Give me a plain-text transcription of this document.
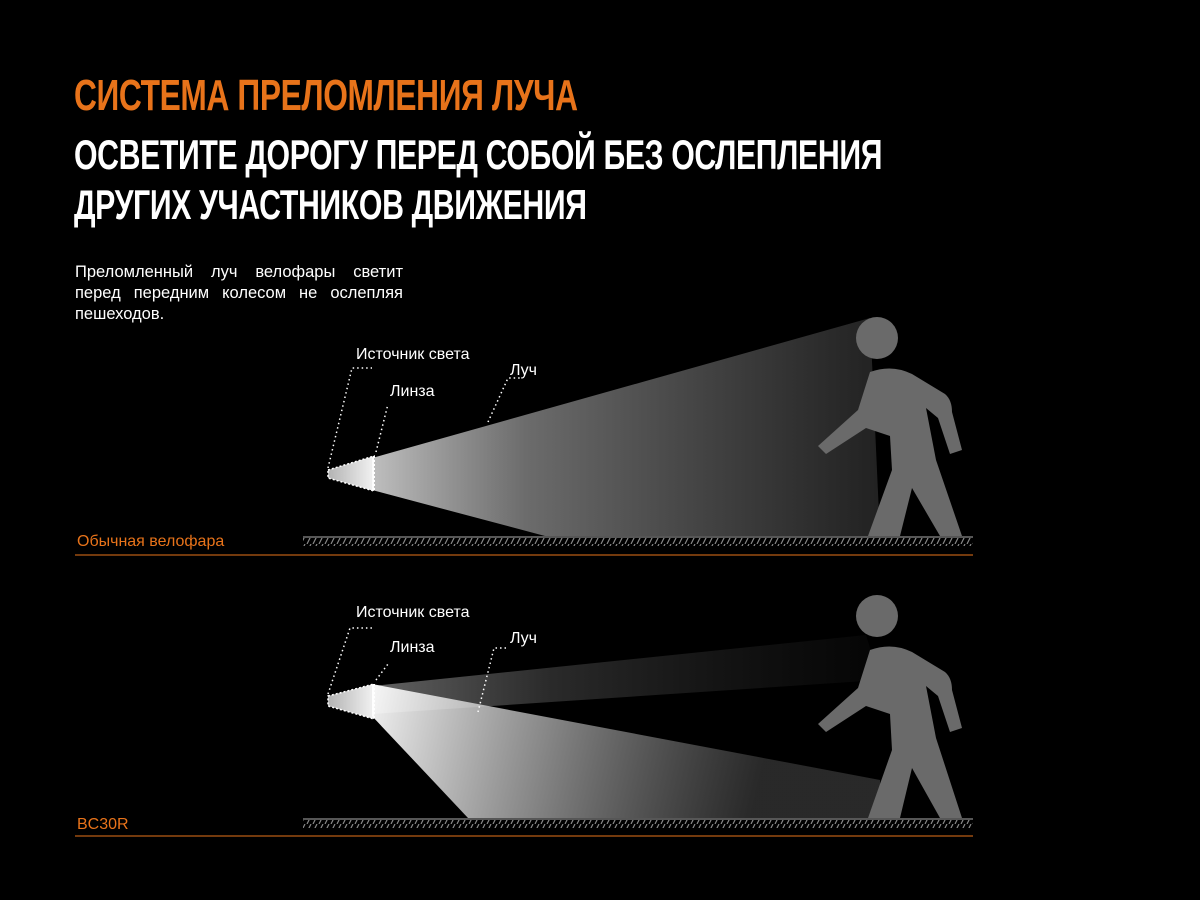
СИСТЕМА ПРЕЛОМЛЕНИЯ ЛУЧА
ОСВЕТИТЕ ДОРОГУ ПЕРЕД СОБОЙ БЕЗ ОСЛЕПЛЕНИЯ
ДРУГИХ УЧАСТНИКОВ ДВИЖЕНИЯ

Преломленный луч велофары светит перед передним колесом не ослепляя пешеходов.

Источник света
Линза
Луч
Обычная велофара
Источник света
Линза
Луч
BC30R
